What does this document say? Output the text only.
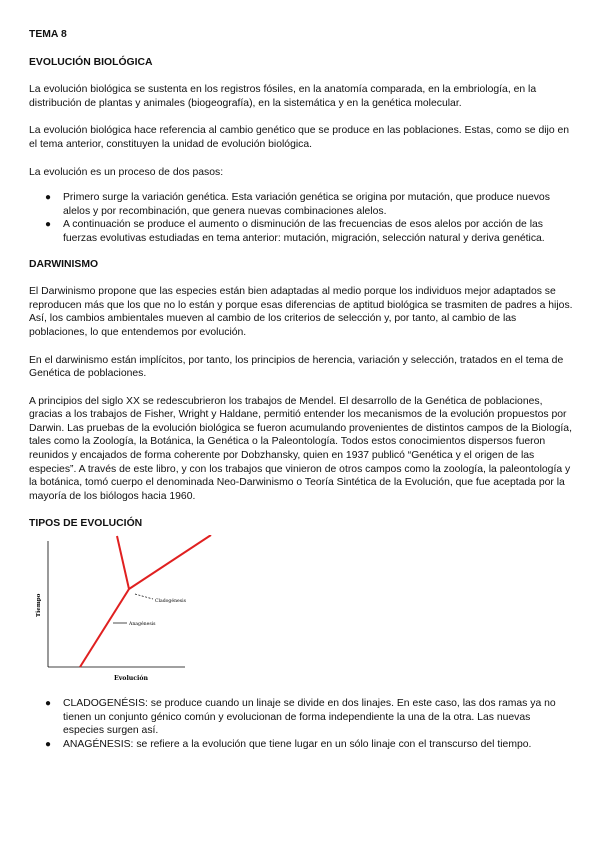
TEMA 8

EVOLUCIÓN BIOLÓGICA

La evolución biológica se sustenta en los registros fósiles, en la anatomía comparada, en la embriología, en la distribución de plantas y animales (biogeografía), en la sistemática y en la genética molecular.

La evolución biológica hace referencia al cambio genético que se produce en las poblaciones. Estas, como se dijo en el tema anterior, constituyen la unidad de evolución biológica.

La evolución es un proceso de dos pasos:

● Primero surge la variación genética. Esta variación genética se origina por mutación, que produce nuevos alelos y por recombinación, que genera nuevas combinaciones alelos.
● A continuación se produce el aumento o disminución de las frecuencias de esos alelos por acción de las fuerzas evolutivas estudiadas en tema anterior: mutación, migración, selección natural y deriva genética.

DARWINISMO

El Darwinismo propone que las especies están bien adaptadas al medio porque los individuos mejor adaptados se reproducen más que los que no lo están y porque esas diferencias de aptitud biológica se trasmiten de padres a hijos. Así, los cambios ambientales mueven al cambio de los criterios de selección y, por tanto, al cambio de las poblaciones, lo que entendemos por evolución.

En el darwinismo están implícitos, por tanto, los principios de herencia, variación y selección, tratados en el tema de Genética de poblaciones.

A principios del siglo XX se redescubrieron los trabajos de Mendel. El desarrollo de la Genética de poblaciones, gracias a los trabajos de Fisher, Wright y Haldane, permitió entender los mecanismos de la evolución propuestos por Darwin. Las pruebas de la evolución biológica se fueron acumulando provenientes de distintos campos de la Biología, tales como la Zoología, la Botánica, la Genética o la Paleontología. Todos estos conocimientos dispersos fueron reunidos y encajados de forma coherente por Dobzhansky, quien en 1937 publicó “Genética y el origen de las especies”. A través de este libro, y con los trabajos que vinieron de otros campos como la zoología, la paleontología y la botánica, tomó cuerpo el denominada Neo-Darwinismo o Teoría Sintética de la Evolución, que fue aceptada por la mayoría de los biólogos hacia 1960.

TIPOS DE EVOLUCIÓN

Cladogénesis
Anagénesis
Evolución
Tiempo
● CLADOGENÉSIS: se produce cuando un linaje se divide en dos linajes. En este caso, las dos ramas ya no tienen un conjunto génico común y evolucionan de forma independiente la una de la otra. Las nuevas especies surgen así.
● ANAGÉNESIS: se refiere a la evolución que tiene lugar en un sólo linaje con el transcurso del tiempo.
